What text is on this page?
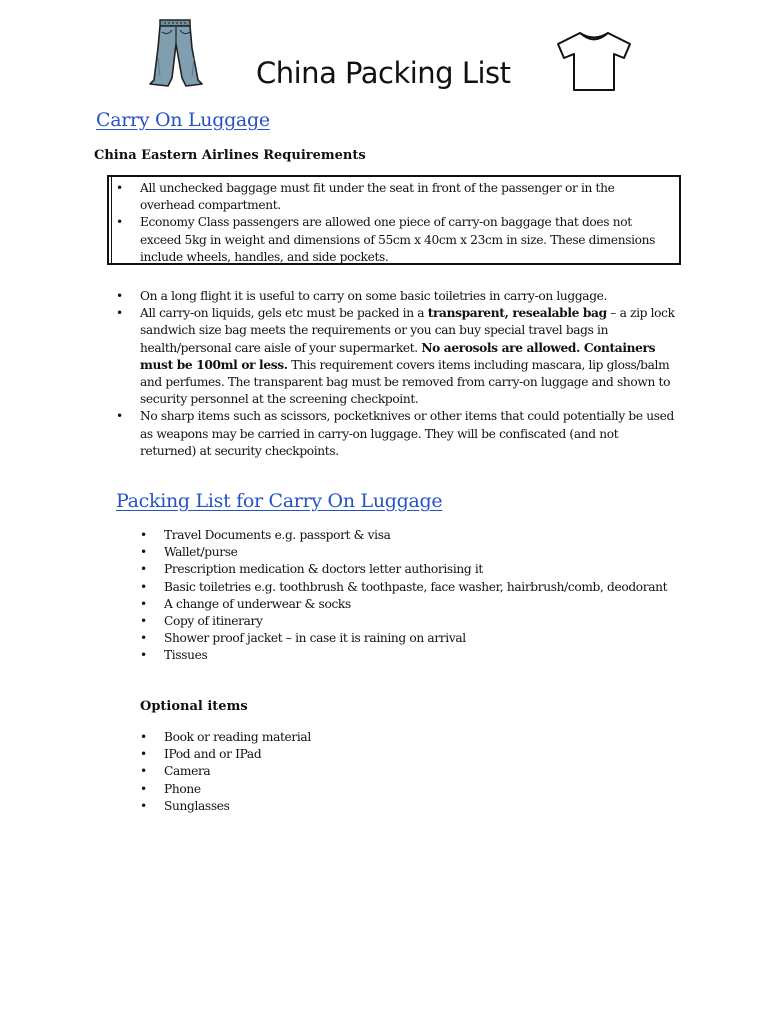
China Packing List
Carry On Luggage

China Eastern Airlines Requirements

• All unchecked baggage must fit under the seat in front of the passenger or in the overhead compartment.
• Economy Class passengers are allowed one piece of carry-on baggage that does not exceed 5kg in weight and dimensions of 55cm x 40cm x 23cm in size. These dimensions include wheels, handles, and side pockets.
• On a long flight it is useful to carry on some basic toiletries in carry-on luggage.
• All carry-on liquids, gels etc must be packed in a transparent, resealable bag – a zip lock sandwich size bag meets the requirements or you can buy special travel bags in health/personal care aisle of your supermarket. No aerosols are allowed. Containers must be 100ml or less. This requirement covers items including mascara, lip gloss/balm and perfumes. The transparent bag must be removed from carry-on luggage and shown to security personnel at the screening checkpoint.
• No sharp items such as scissors, pocketknives or other items that could potentially be used as weapons may be carried in carry-on luggage. They will be confiscated (and not returned) at security checkpoints.
Packing List for Carry On Luggage
• Travel Documents e.g. passport & visa
• Wallet/purse
• Prescription medication & doctors letter authorising it
• Basic toiletries e.g. toothbrush & toothpaste, face washer, hairbrush/comb, deodorant
• A change of underwear & socks
• Copy of itinerary
• Shower proof jacket – in case it is raining on arrival
• Tissues

Optional items

• Book or reading material
• IPod and or IPad
• Camera
• Phone
• Sunglasses
